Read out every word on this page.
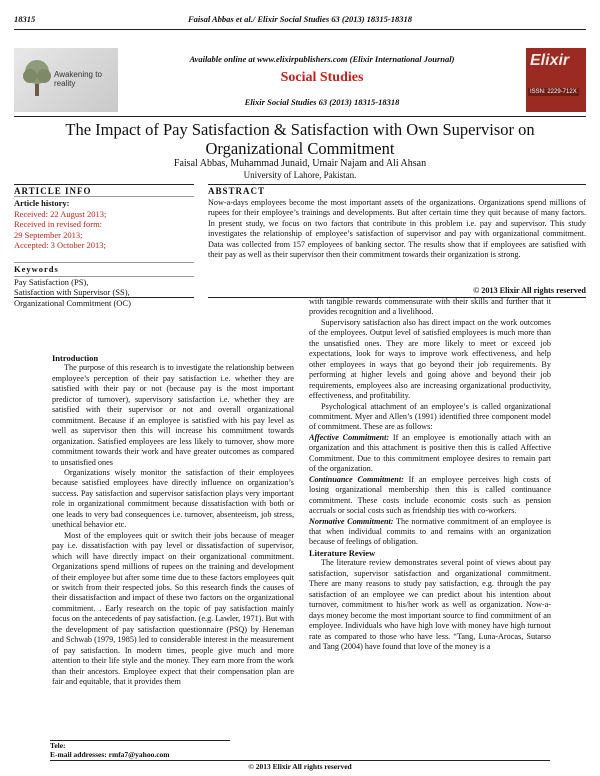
18315	Faisal Abbas et al./ Elixir Social Studies 63 (2013) 18315-18318
Awakening to reality
Available online at www.elixirpublishers.com (Elixir International Journal)
Social Studies
Elixir Social Studies 63 (2013) 18315-18318
Elixir
ISSN: 2229-712X
The Impact of Pay Satisfaction & Satisfaction with Own Supervisor on Organizational Commitment
Faisal Abbas, Muhammad Junaid, Umair Najam and Ali Ahsan
University of Lahore, Pakistan.
ARTICLE INFO
Article history:
Received: 22 August 2013;
Received in revised form:
29 September 2013;
Accepted: 3 October 2013;
Keywords
Pay Satisfaction (PS),
Satisfaction with Supervisor (SS),
Organizational Commitment (OC)
ABSTRACT
Now-a-days employees become the most important assets of the organizations. Organizations spend millions of rupees for their employee’s trainings and developments. But after certain time they quit because of many factors. In present study, we focus on two factors that contribute in this problem i.e. pay and supervisor. This study investigates the relationship of employee’s satisfaction of supervisor and pay with organizational commitment. Data was collected from 157 employees of banking sector. The results show that if employees are satisfied with their pay as well as their supervisor then their commitment towards their organization is strong.
© 2013 Elixir All rights reserved
Introduction

The purpose of this research is to investigate the relationship between employee’s perception of their pay satisfaction i.e. whether they are satisfied with their pay or not (because pay is the most important predictor of turnover), supervisory satisfaction i.e. whether they are satisfied with their supervisor or not and overall organizational commitment. Because if an employee is satisfied with his pay level as well as supervisor then this will increase his commitment towards organization. Satisfied employees are less likely to turnover, show more commitment towards their work and have greater outcomes as compared to unsatisfied ones

Organizations wisely monitor the satisfaction of their employees because satisfied employees have directly influence on organization’s success. Pay satisfaction and supervisor satisfaction plays very important role in organizational commitment because dissatisfaction with both or one leads to very bad consequences i.e. turnover, absenteeism, job stress, unethical behavior etc.

Most of the employees quit or switch their jobs because of meager pay i.e. dissatisfaction with pay level or dissatisfaction of supervisor, which will have directly impact on their organizational commitment. Organizations spend millions of rupees on the training and development of their employee but after some time due to these factors employees quit or switch from their respected jobs. So this research finds the causes of their dissatisfaction and impact of these two factors on the organizational commitment. . Early research on the topic of pay satisfaction mainly focus on the antecedents of pay satisfaction. (e.g. Lawler, 1971). But with the development of pay satisfaction questionnaire (PSQ) by Heneman and Schwab (1979, 1985) led to considerable interest in the measurement of pay satisfaction. In modern times, people give much and more attention to their life style and the money. They earn more from the work than their ancestors. Employee expect that their compensation plan are fair and equitable, that it provides them

with tangible rewards commensurate with their skills and further that it provides recognition and a livelihood.

Supervisory satisfaction also has direct impact on the work outcomes of the employees. Output level of satisfied employees is much more than the unsatisfied ones. They are more likely to meet or exceed job expectations, look for ways to improve work effectiveness, and help other employees in ways that go beyond their job requirements. By performing at higher levels and going above and beyond their job requirements, employees also are increasing organizational productivity, effectiveness, and profitability.

Psychological attachment of an employee’s is called organizational commitment. Myer and Allen’s (1991) identified three component model of commitment. These are as follows:

Affective Commitment: If an employee is emotionally attach with an organization and this attachment is positive then this is called Affective Commitment. Due to this commitment employee desires to remain part of the organization.

Continuance Commitment: If an employee perceives high costs of losing organizational membership then this is called continuance commitment. These costs include economic costs such as pension accruals or social costs such as friendship ties with co-workers.

Normative Commitment: The normative commitment of an employee is that when individual commits to and remains with an organization because of feelings of obligation.

Literature Review

The literature review demonstrates several point of views about pay satisfaction, supervisor satisfaction and organizational commitment. There are many reasons to study pay satisfaction, e.g. through the pay satisfaction of an employee we can predict about his intention about turnover, commitment to his/her work as well as organization. Now-a-days money become the most important source to find commitment of an employee. Individuals who have high love with money have high turnout rate as compared to those who have less. “Tang, Luna-Arocas, Sutarso and Tang (2004) have found that love of the money is a

Tele:
E-mail addresses: rmfa7@yahoo.com
© 2013 Elixir All rights reserved
